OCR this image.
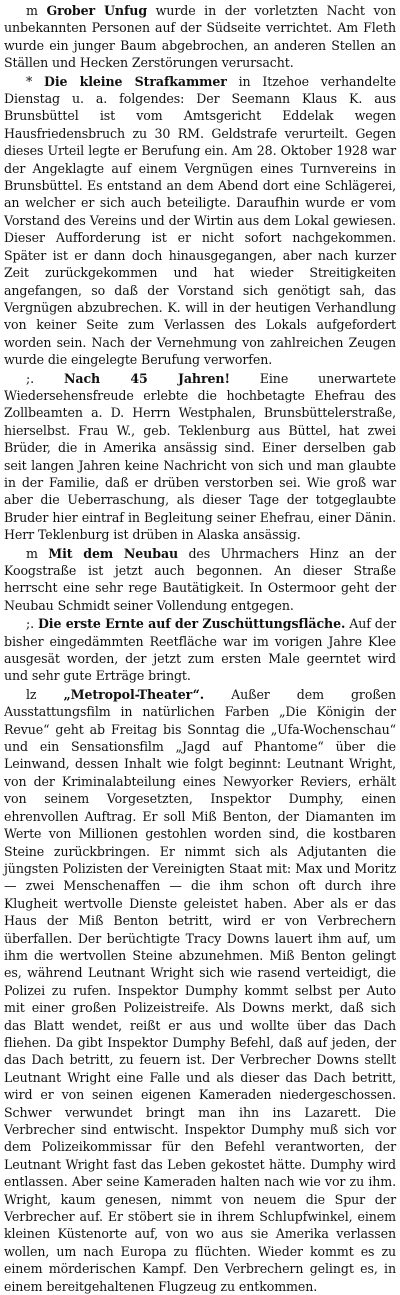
m Grober Unfug wurde in der vorletzten Nacht von unbekannten Personen auf der Südseite verrichtet. Am Fleth wurde ein junger Baum abgebrochen, an anderen Stellen an Ställen und Hecken Zerstörungen verursacht.

* Die kleine Strafkammer in Itzehoe verhandelte Dienstag u. a. folgendes: Der Seemann Klaus K. aus Brunsbüttel ist vom Amtsgericht Eddelak wegen Hausfriedensbruch zu 30 RM. Geldstrafe verurteilt. Gegen dieses Urteil legte er Berufung ein. Am 28. Oktober 1928 war der Angeklagte auf einem Vergnügen eines Turnvereins in Brunsbüttel. Es entstand an dem Abend dort eine Schlägerei, an welcher er sich auch beteiligte. Daraufhin wurde er vom Vorstand des Vereins und der Wirtin aus dem Lokal gewiesen. Dieser Aufforderung ist er nicht sofort nachgekommen. Später ist er dann doch hinausgegangen, aber nach kurzer Zeit zurückgekommen und hat wieder Streitigkeiten angefangen, so daß der Vorstand sich genötigt sah, das Vergnügen abzubrechen. K. will in der heutigen Verhandlung von keiner Seite zum Verlassen des Lokals aufgefordert worden sein. Nach der Vernehmung von zahlreichen Zeugen wurde die eingelegte Berufung verworfen.

;. Nach 45 Jahren! Eine unerwartete Wiedersehensfreude erlebte die hochbetagte Ehefrau des Zollbeamten a. D. Herrn Westphalen, Brunsbüttelerstraße, hierselbst. Frau W., geb. Teklenburg aus Büttel, hat zwei Brüder, die in Amerika ansässig sind. Einer derselben gab seit langen Jahren keine Nachricht von sich und man glaubte in der Familie, daß er drüben verstorben sei. Wie groß war aber die Ueberraschung, als dieser Tage der totgeglaubte Bruder hier eintraf in Begleitung seiner Ehefrau, einer Dänin. Herr Teklenburg ist drüben in Alaska ansässig.

m Mit dem Neubau des Uhrmachers Hinz an der Koogstraße ist jetzt auch begonnen. An dieser Straße herrscht eine sehr rege Bautätigkeit. In Ostermoor geht der Neubau Schmidt seiner Vollendung entgegen.

;. Die erste Ernte auf der Zuschüttungsfläche. Auf der bisher eingedämmten Reetfläche war im vorigen Jahre Klee ausgesät worden, der jetzt zum ersten Male geerntet wird und sehr gute Erträge bringt.

lz „Metropol-Theater“. Außer dem großen Ausstattungsfilm in natürlichen Farben „Die Königin der Revue“ geht ab Freitag bis Sonntag die „Ufa-Wochenschau“ und ein Sensationsfilm „Jagd auf Phantome“ über die Leinwand, dessen Inhalt wie folgt beginnt: Leutnant Wright, von der Kriminalabteilung eines Newyorker Reviers, erhält von seinem Vorgesetzten, Inspektor Dumphy, einen ehrenvollen Auftrag. Er soll Miß Benton, der Diamanten im Werte von Millionen gestohlen worden sind, die kostbaren Steine zurückbringen. Er nimmt sich als Adjutanten die jüngsten Polizisten der Vereinigten Staat mit: Max und Moritz — zwei Menschenaffen — die ihm schon oft durch ihre Klugheit wertvolle Dienste geleistet haben. Aber als er das Haus der Miß Benton betritt, wird er von Verbrechern überfallen. Der berüchtigte Tracy Downs lauert ihm auf, um ihm die wertvollen Steine abzunehmen. Miß Benton gelingt es, während Leutnant Wright sich wie rasend verteidigt, die Polizei zu rufen. Inspektor Dumphy kommt selbst per Auto mit einer großen Polizeistreife. Als Downs merkt, daß sich das Blatt wendet, reißt er aus und wollte über das Dach fliehen. Da gibt Inspektor Dumphy Befehl, daß auf jeden, der das Dach betritt, zu feuern ist. Der Verbrecher Downs stellt Leutnant Wright eine Falle und als dieser das Dach betritt, wird er von seinen eigenen Kameraden niedergeschossen. Schwer verwundet bringt man ihn ins Lazarett. Die Verbrecher sind entwischt. Inspektor Dumphy muß sich vor dem Polizeikommissar für den Befehl verantworten, der Leutnant Wright fast das Leben gekostet hätte. Dumphy wird entlassen. Aber seine Kameraden halten nach wie vor zu ihm. Wright, kaum genesen, nimmt von neuem die Spur der Verbrecher auf. Er stöbert sie in ihrem Schlupfwinkel, einem kleinen Küstenorte auf, von wo aus sie Amerika verlassen wollen, um nach Europa zu flüchten. Wieder kommt es zu einem mörderischen Kampf. Den Verbrechern gelingt es, in einem bereitgehaltenen Flugzeug zu entkommen.
